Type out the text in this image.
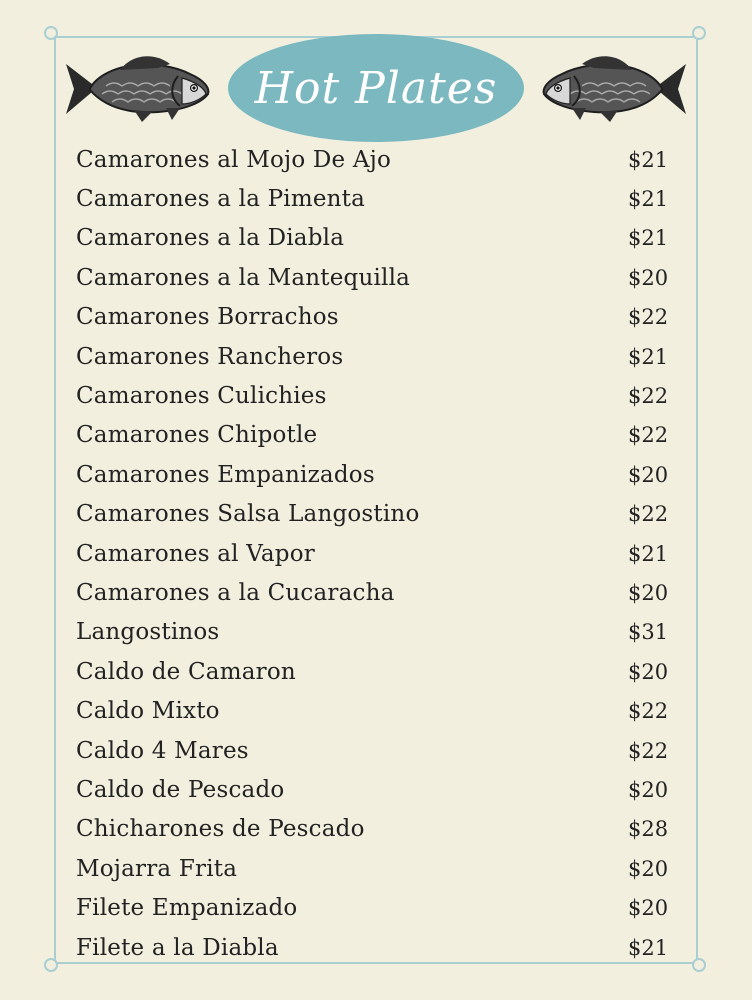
Hot Plates
Camarones al Mojo De Ajo	$21
Camarones a la Pimenta	$21
Camarones a la Diabla	$21
Camarones a la Mantequilla	$20
Camarones Borrachos	$22
Camarones Rancheros	$21
Camarones Culichies	$22
Camarones Chipotle	$22
Camarones Empanizados	$20
Camarones Salsa Langostino	$22
Camarones al Vapor	$21
Camarones a la Cucaracha	$20
Langostinos	$31
Caldo de Camaron	$20
Caldo Mixto	$22
Caldo 4 Mares	$22
Caldo de Pescado	$20
Chicharones de Pescado	$28
Mojarra Frita	$20
Filete Empanizado	$20
Filete a la Diabla	$21
